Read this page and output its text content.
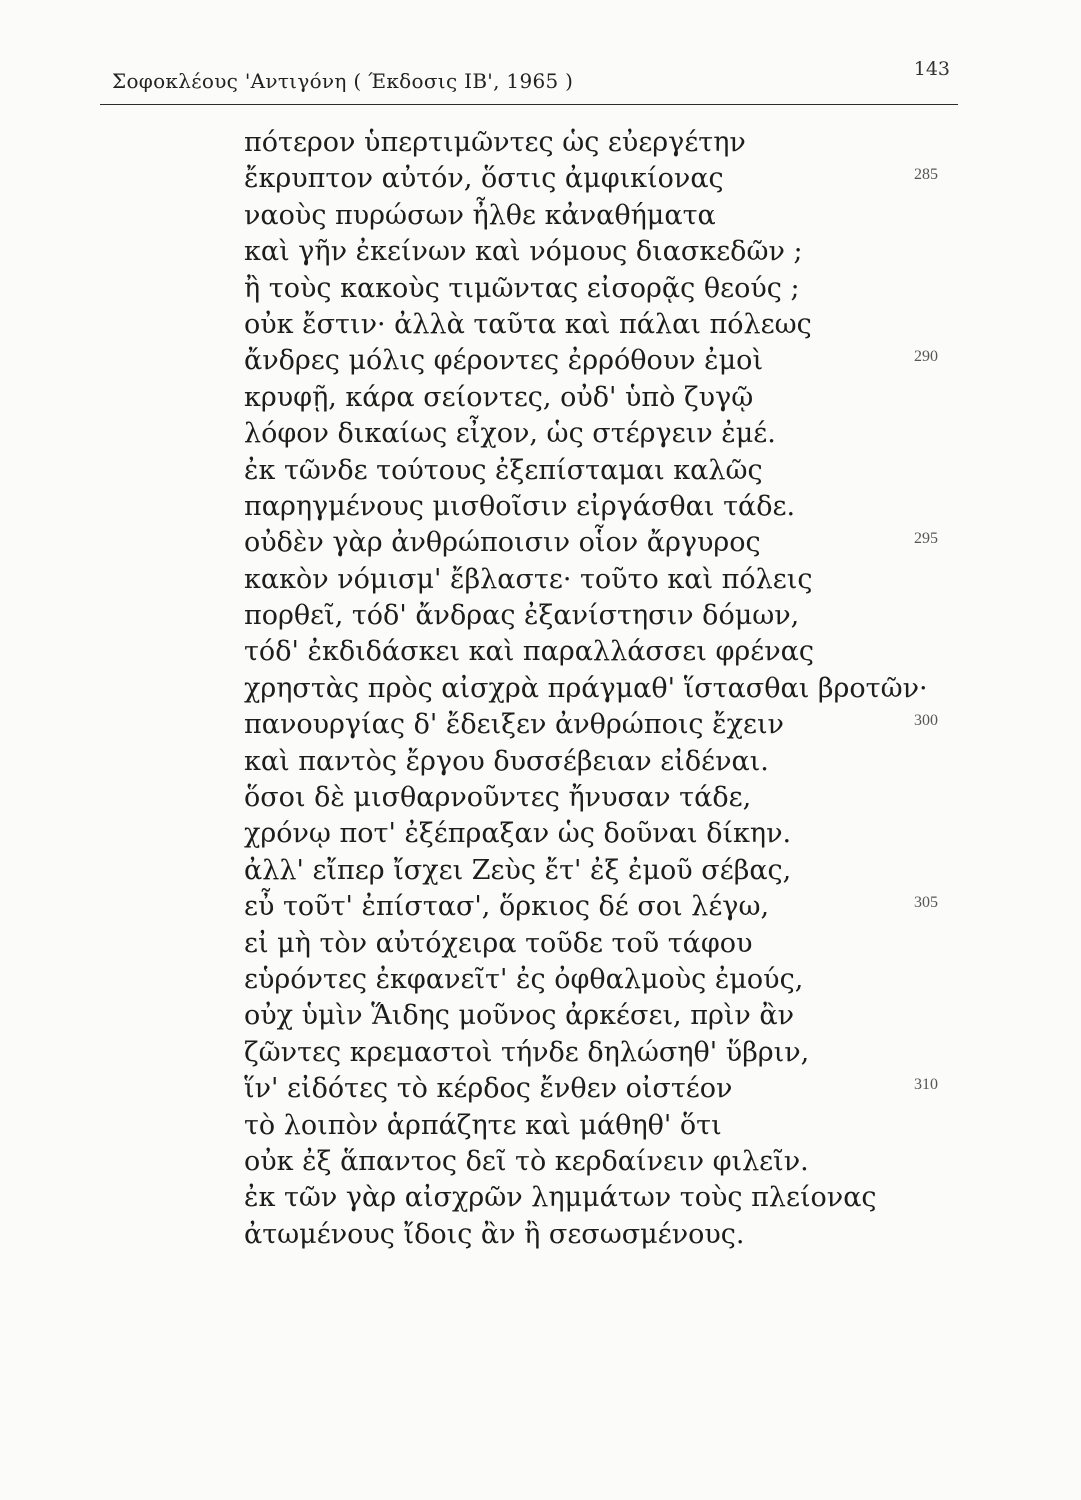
Σοφοκλέους 'Αντιγόνη ( Έκδοσις ΙΒ', 1965 )	143
πότερον ὑπερτιμῶντες ὡς εὐεργέτην
ἔκρυπτον αὐτόν, ὅστις ἀμφικίονας	285
ναοὺς πυρώσων ἦλθε κἀναθήματα
καὶ γῆν ἐκείνων καὶ νόμους διασκεδῶν ;
ἢ τοὺς κακοὺς τιμῶντας εἰσορᾷς θεούς ;
οὐκ ἔστιν· ἀλλὰ ταῦτα καὶ πάλαι πόλεως
ἄνδρες μόλις φέροντες ἐρρόθουν ἐμοὶ	290
κρυφῇ, κάρα σείοντες, οὐδ' ὑπὸ ζυγῷ
λόφον δικαίως εἶχον, ὡς στέργειν ἐμέ.
ἐκ τῶνδε τούτους ἐξεπίσταμαι καλῶς
παρηγμένους μισθοῖσιν εἰργάσθαι τάδε.
οὐδὲν γὰρ ἀνθρώποισιν οἷον ἄργυρος	295
κακὸν νόμισμ' ἔβλαστε· τοῦτο καὶ πόλεις
πορθεῖ, τόδ' ἄνδρας ἐξανίστησιν δόμων,
τόδ' ἐκδιδάσκει καὶ παραλλάσσει φρένας
χρηστὰς πρὸς αἰσχρὰ πράγμαθ' ἵστασθαι βροτῶν·
πανουργίας δ' ἔδειξεν ἀνθρώποις ἔχειν	300
καὶ παντὸς ἔργου δυσσέβειαν εἰδέναι.
ὅσοι δὲ μισθαρνοῦντες ἤνυσαν τάδε,
χρόνῳ ποτ' ἐξέπραξαν ὡς δοῦναι δίκην.
ἀλλ' εἴπερ ἴσχει Ζεὺς ἔτ' ἐξ ἐμοῦ σέβας,
εὖ τοῦτ' ἐπίστασ', ὅρκιος δέ σοι λέγω,	305
εἰ μὴ τὸν αὐτόχειρα τοῦδε τοῦ τάφου
εὑρόντες ἐκφανεῖτ' ἐς ὀφθαλμοὺς ἐμούς,
οὐχ ὑμὶν Ἅιδης μοῦνος ἀρκέσει, πρὶν ἂν
ζῶντες κρεμαστοὶ τήνδε δηλώσηθ' ὕβριν,
ἵν' εἰδότες τὸ κέρδος ἔνθεν οἰστέον	310
τὸ λοιπὸν ἁρπάζητε καὶ μάθηθ' ὅτι
οὐκ ἐξ ἅπαντος δεῖ τὸ κερδαίνειν φιλεῖν.
ἐκ τῶν γὰρ αἰσχρῶν λημμάτων τοὺς πλείονας
ἀτωμένους ἴδοις ἂν ἢ σεσωσμένους.
